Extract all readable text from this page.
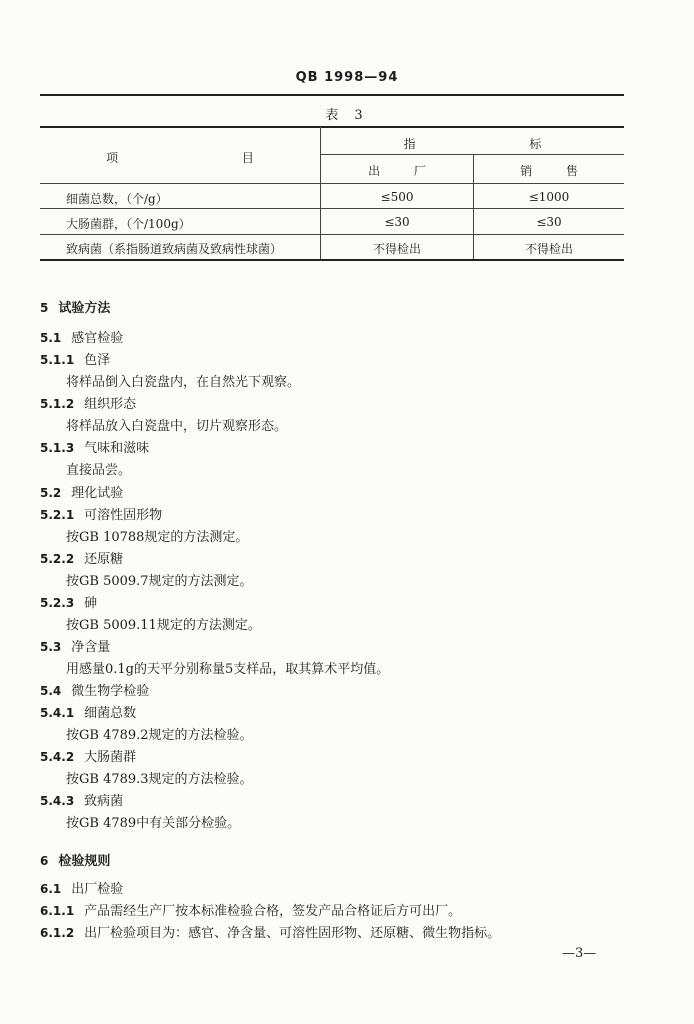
QB 1998—94
表 3
项 目
指 标
出 厂	销 售
细菌总数，（个/g）	≤500	≤1000
大肠菌群，（个/100g）	≤30	≤30
致病菌（系指肠道致病菌及致病性球菌）	不得检出	不得检出
5 试验方法
5.1 感官检验
5.1.1 色泽
将样品倒入白瓷盘内，在自然光下观察。
5.1.2 组织形态
将样品放入白瓷盘中，切片观察形态。
5.1.3 气味和滋味
直接品尝。
5.2 理化试验
5.2.1 可溶性固形物
按GB 10788规定的方法测定。
5.2.2 还原糖
按GB 5009.7规定的方法测定。
5.2.3 砷
按GB 5009.11规定的方法测定。
5.3 净含量
用感量0.1g的天平分别称量5支样品，取其算术平均值。
5.4 微生物学检验
5.4.1 细菌总数
按GB 4789.2规定的方法检验。
5.4.2 大肠菌群
按GB 4789.3规定的方法检验。
5.4.3 致病菌
按GB 4789中有关部分检验。
6 检验规则
6.1 出厂检验
6.1.1 产品需经生产厂按本标准检验合格，签发产品合格证后方可出厂。
6.1.2 出厂检验项目为：感官、净含量、可溶性固形物、还原糖、微生物指标。
—3—
